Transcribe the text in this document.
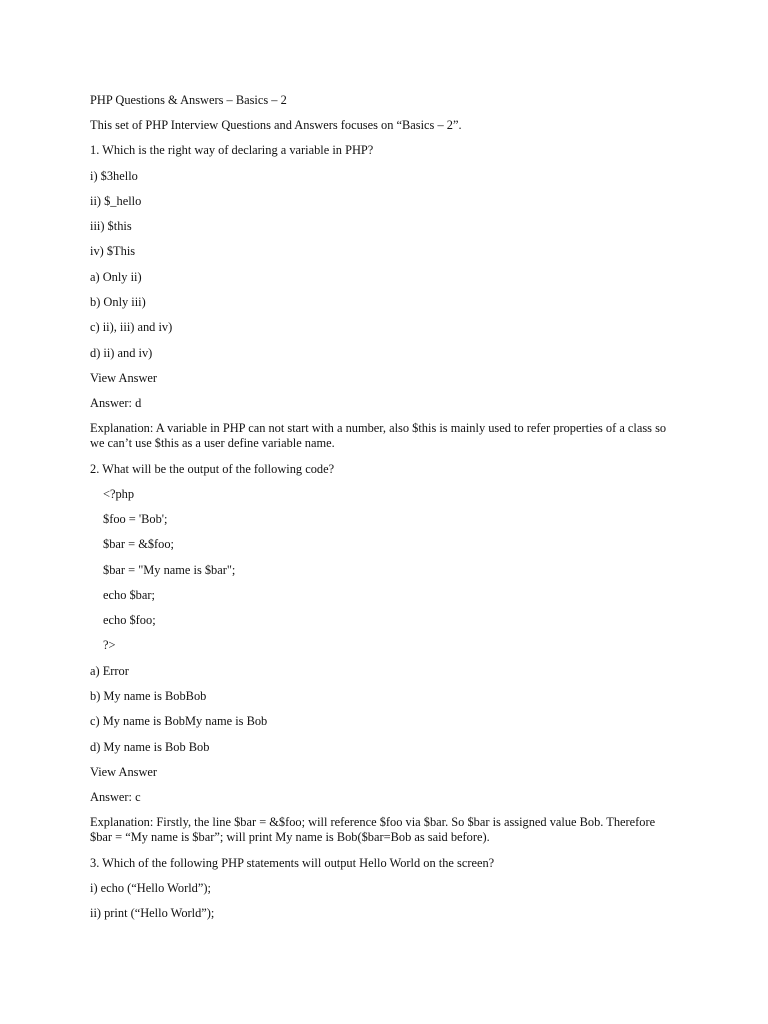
PHP Questions & Answers – Basics – 2
This set of PHP Interview Questions and Answers focuses on “Basics – 2”.
1. Which is the right way of declaring a variable in PHP?
i) $3hello
ii) $_hello
iii) $this
iv) $This
a) Only ii)
b) Only iii)
c) ii), iii) and iv)
d) ii) and iv)
View Answer
Answer: d
Explanation: A variable in PHP can not start with a number, also $this is mainly used to refer properties of a class so
we can’t use $this as a user define variable name.
2. What will be the output of the following code?
<?php
$foo = 'Bob';
$bar = &$foo;
$bar = "My name is $bar";
echo $bar;
echo $foo;
?>
a) Error
b) My name is BobBob
c) My name is BobMy name is Bob
d) My name is Bob Bob
View Answer
Answer: c
Explanation: Firstly, the line $bar = &$foo; will reference $foo via $bar. So $bar is assigned value Bob. Therefore
$bar = “My name is $bar”; will print My name is Bob($bar=Bob as said before).
3. Which of the following PHP statements will output Hello World on the screen?
i) echo (“Hello World”);
ii) print (“Hello World”);
